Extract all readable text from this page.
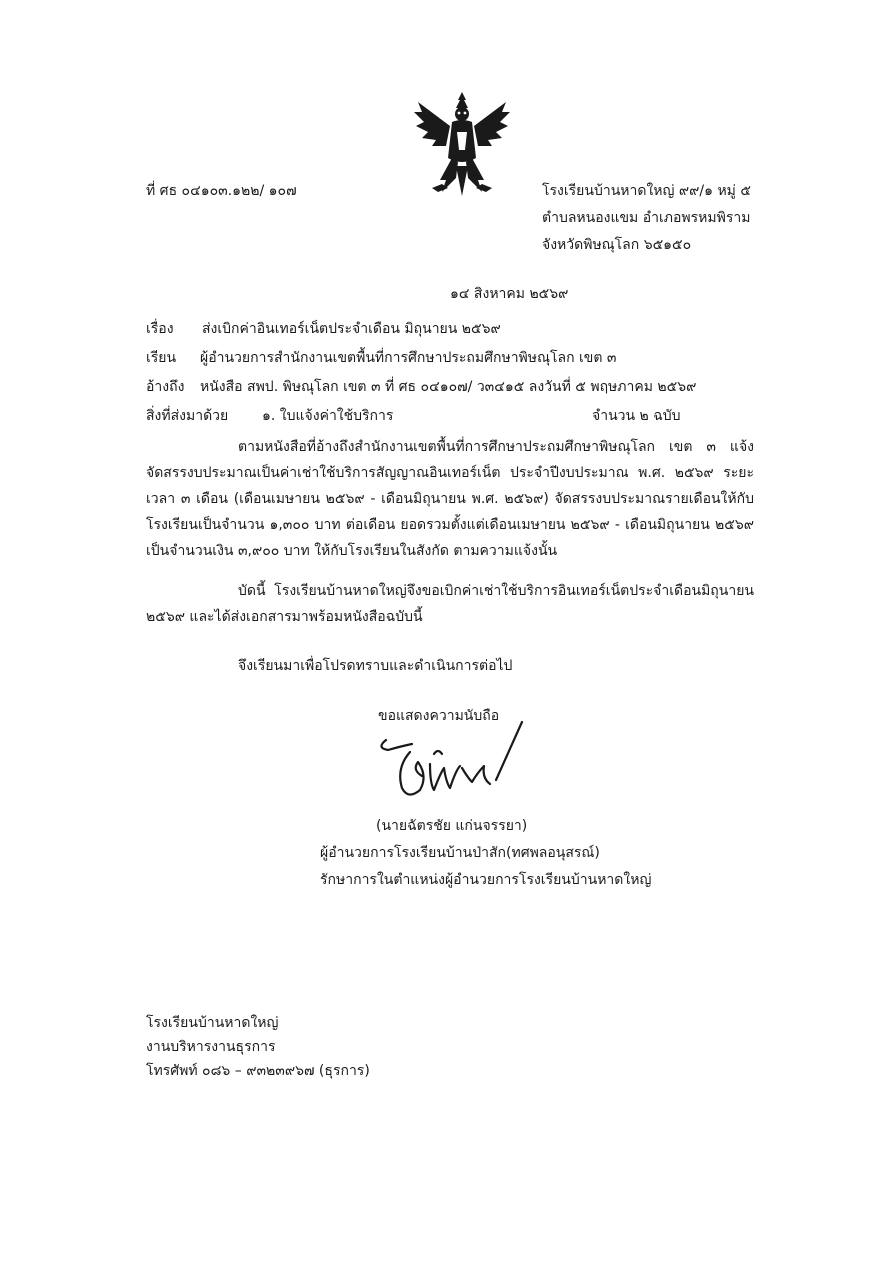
ที่ ศธ ๐๔๑๐๓.๑๒๒/ ๑๐๗	โรงเรียนบ้านหาดใหญ่ ๙๙/๑ หมู่ ๕
ตำบลหนองแขม อำเภอพรหมพิราม
จังหวัดพิษณุโลก ๖๕๑๕๐
๑๔ สิงหาคม ๒๕๖๙
เรื่อง ส่งเบิกค่าอินเทอร์เน็ตประจำเดือน มิถุนายน ๒๕๖๙
เรียน ผู้อำนวยการสำนักงานเขตพื้นที่การศึกษาประถมศึกษาพิษณุโลก เขต ๓
อ้างถึง หนังสือ สพป. พิษณุโลก เขต ๓ ที่ ศธ ๐๔๑๐๗/ ว๓๔๑๕ ลงวันที่ ๕ พฤษภาคม ๒๕๖๙
สิ่งที่ส่งมาด้วย ๑. ใบแจ้งค่าใช้บริการ	จำนวน ๒ ฉบับ
ตามหนังสือที่อ้างถึงสำนักงานเขตพื้นที่การศึกษาประถมศึกษาพิษณุโลก เขต ๓ แจ้งจัดสรรงบประมาณเป็นค่าเช่าใช้บริการสัญญาณอินเทอร์เน็ต ประจำปีงบประมาณ พ.ศ. ๒๕๖๙ ระยะเวลา ๓ เดือน (เดือนเมษายน ๒๕๖๙ - เดือนมิถุนายน พ.ศ. ๒๕๖๙) จัดสรรงบประมาณรายเดือนให้กับโรงเรียนเป็นจำนวน ๑,๓๐๐ บาท ต่อเดือน ยอดรวมตั้งแต่เดือนเมษายน ๒๕๖๙ - เดือนมิถุนายน ๒๕๖๙ เป็นจำนวนเงิน ๓,๙๐๐ บาท ให้กับโรงเรียนในสังกัด ตามความแจ้งนั้น
บัดนี้ โรงเรียนบ้านหาดใหญ่จึงขอเบิกค่าเช่าใช้บริการอินเทอร์เน็ตประจำเดือนมิถุนายน ๒๕๖๙ และได้ส่งเอกสารมาพร้อมหนังสือฉบับนี้
จึงเรียนมาเพื่อโปรดทราบและดำเนินการต่อไป
ขอแสดงความนับถือ
(นายฉัตรชัย แก่นจรรยา)
ผู้อำนวยการโรงเรียนบ้านป่าสัก(ทศพลอนุสรณ์)
รักษาการในตำแหน่งผู้อำนวยการโรงเรียนบ้านหาดใหญ่
โรงเรียนบ้านหาดใหญ่
งานบริหารงานธุรการ
โทรศัพท์ ๐๘๖ – ๙๓๒๓๙๖๗ (ธุรการ)
